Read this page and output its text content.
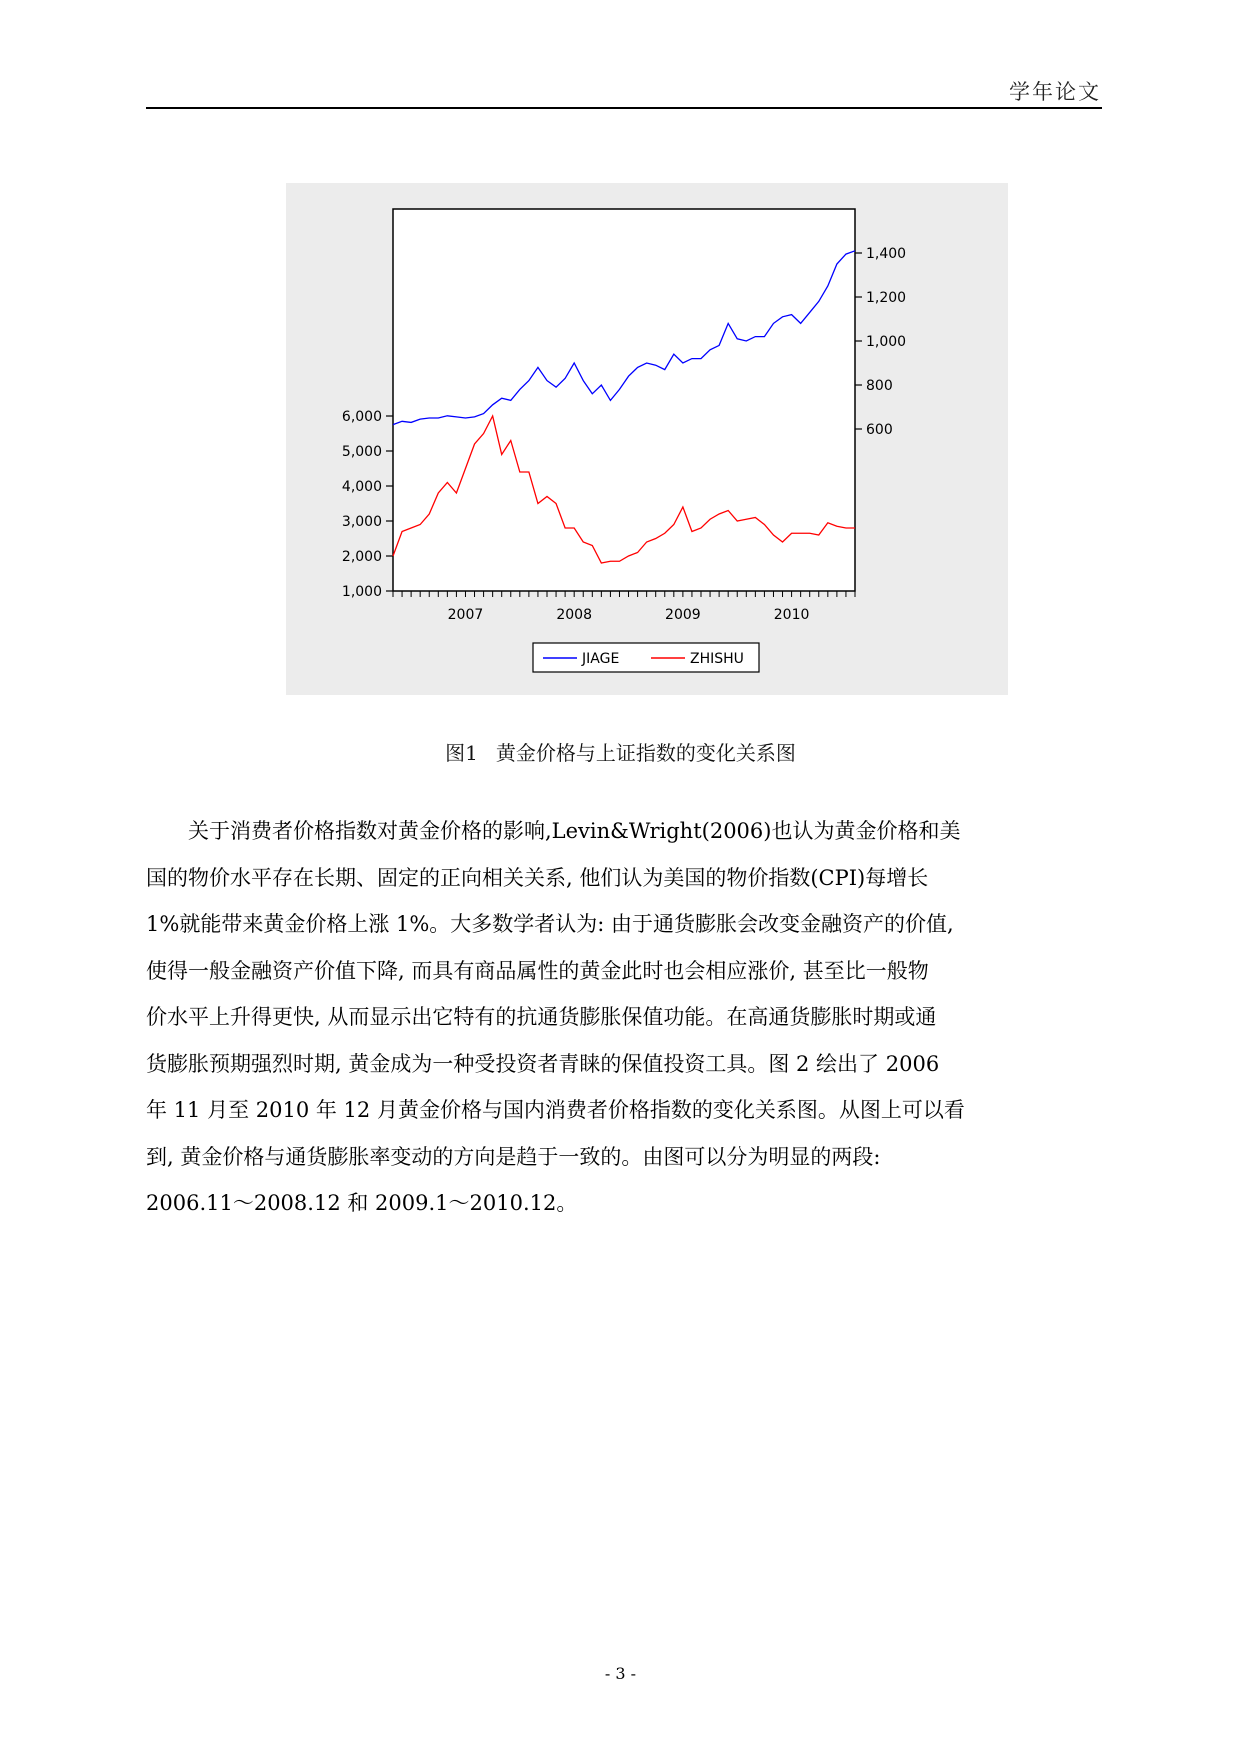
学年论文
1,000
2,000
3,000
4,000
5,000
6,000
600
800
1,000
1,200
1,400
2007	2008	2009	2010
JIAGE	ZHISHU
图1 黄金价格与上证指数的变化关系图

关于消费者价格指数对黄金价格的影响,Levin&Wright(2006)也认为黄金价格和美
国的物价水平存在长期、固定的正向相关关系, 他们认为美国的物价指数(CPI)每增长
1%就能带来黄金价格上涨 1%。大多数学者认为: 由于通货膨胀会改变金融资产的价值,
使得一般金融资产价值下降, 而具有商品属性的黄金此时也会相应涨价, 甚至比一般物
价水平上升得更快, 从而显示出它特有的抗通货膨胀保值功能。在高通货膨胀时期或通
货膨胀预期强烈时期, 黄金成为一种受投资者青睐的保值投资工具。图 2 绘出了 2006
年 11 月至 2010 年 12 月黄金价格与国内消费者价格指数的变化关系图。从图上可以看
到, 黄金价格与通货膨胀率变动的方向是趋于一致的。由图可以分为明显的两段:
2006.11～2008.12 和 2009.1～2010.12。

- 3 -
